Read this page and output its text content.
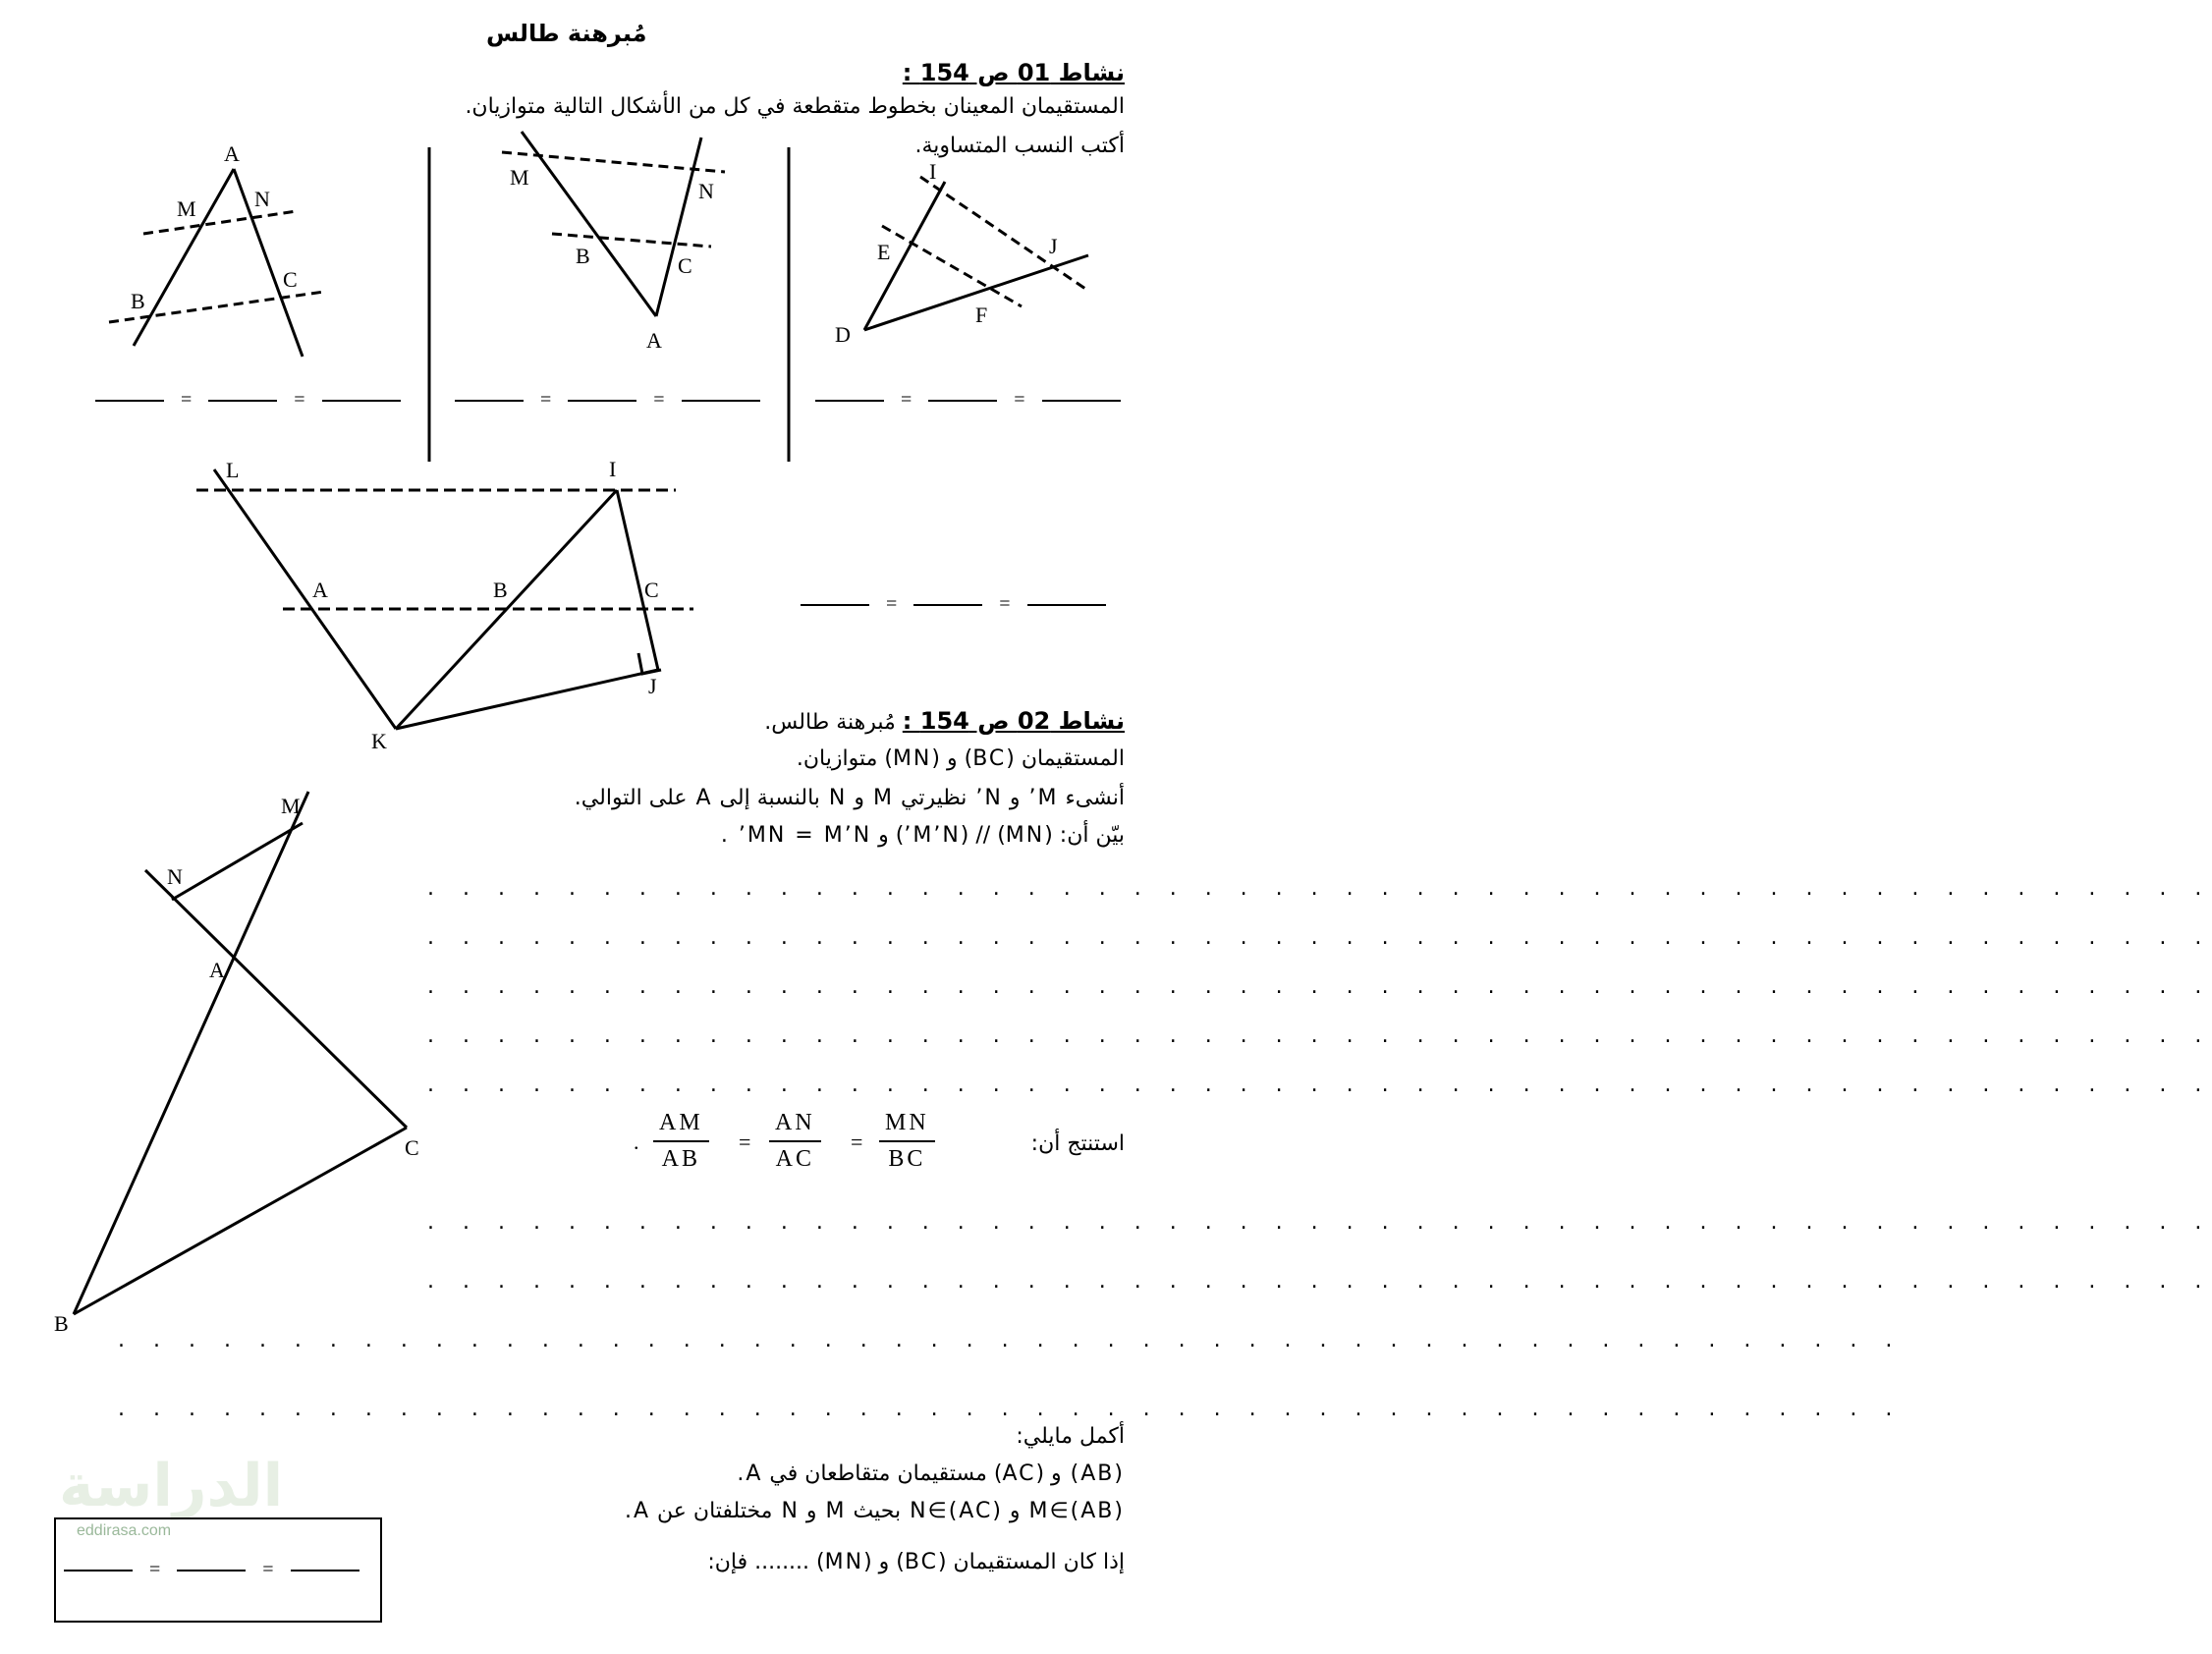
مُبرهنة طالس
نشاط 01 ص 154 :
المستقيمان المعينان بخطوط متقطعة في كل من الأشكال التالية متوازيان.
أكتب النسب المتساوية.
A
M	N
B
C
M
N
B	C
A
I
E	J
D
F
L	I
A	B	C
J
K
=	=	=	=	=	=
=	=
نشاط 02 ص 154 : مُبرهنة طالس.
المستقيمان (BC) و (MN) متوازيان.
أنشىء M’ و N’ نظيرتي M و N بالنسبة إلى A على التوالي.
بيّن أن: (MN) // (M’N’) و MN = M’N’ .
M
N
A
C
B
. . . . . . . . . . . . . . . . . . . . . . . . . . . . . . . . . . . . . . . . . . . . . . . . . . .
. . . . . . . . . . . . . . . . . . . . . . . . . . . . . . . . . . . . . . . . . . . . . . . . . . .
. . . . . . . . . . . . . . . . . . . . . . . . . . . . . . . . . . . . . . . . . . . . . . . . . . .
. . . . . . . . . . . . . . . . . . . . . . . . . . . . . . . . . . . . . . . . . . . . . . . . . . .
. . . . . . . . . . . . . . . . . . . . . . . . . . . . . . . . . . . . . . . . . . . . . . . . . . .
استنتج أن:
$\frac{MN}{BC}$
=
$\frac{AN}{AC}$
=
$\frac{AM}{AB}$
.
. . . . . . . . . . . . . . . . . . . . . . . . . . . . . . . . . . . . . . . . . . . . . . . . . . .
. . . . . . . . . . . . . . . . . . . . . . . . . . . . . . . . . . . . . . . . . . . . . . . . . . .
. . . . . . . . . . . . . . . . . . . . . . . . . . . . . . . . . . . . . . . . . . . . . . . . . . .
. . . . . . . . . . . . . . . . . . . . . . . . . . . . . . . . . . . . . . . . . . . . . . . . . . .
أكمل مايلي:
(AB) و (AC) مستقيمان متقاطعان في A.
M∈(AB) و N∈(AC) بحيث M و N مختلفتان عن A.
إذا كان المستقيمان (BC) و (MN) ........ فإن:
الدراسة
eddirasa.com
=	=
